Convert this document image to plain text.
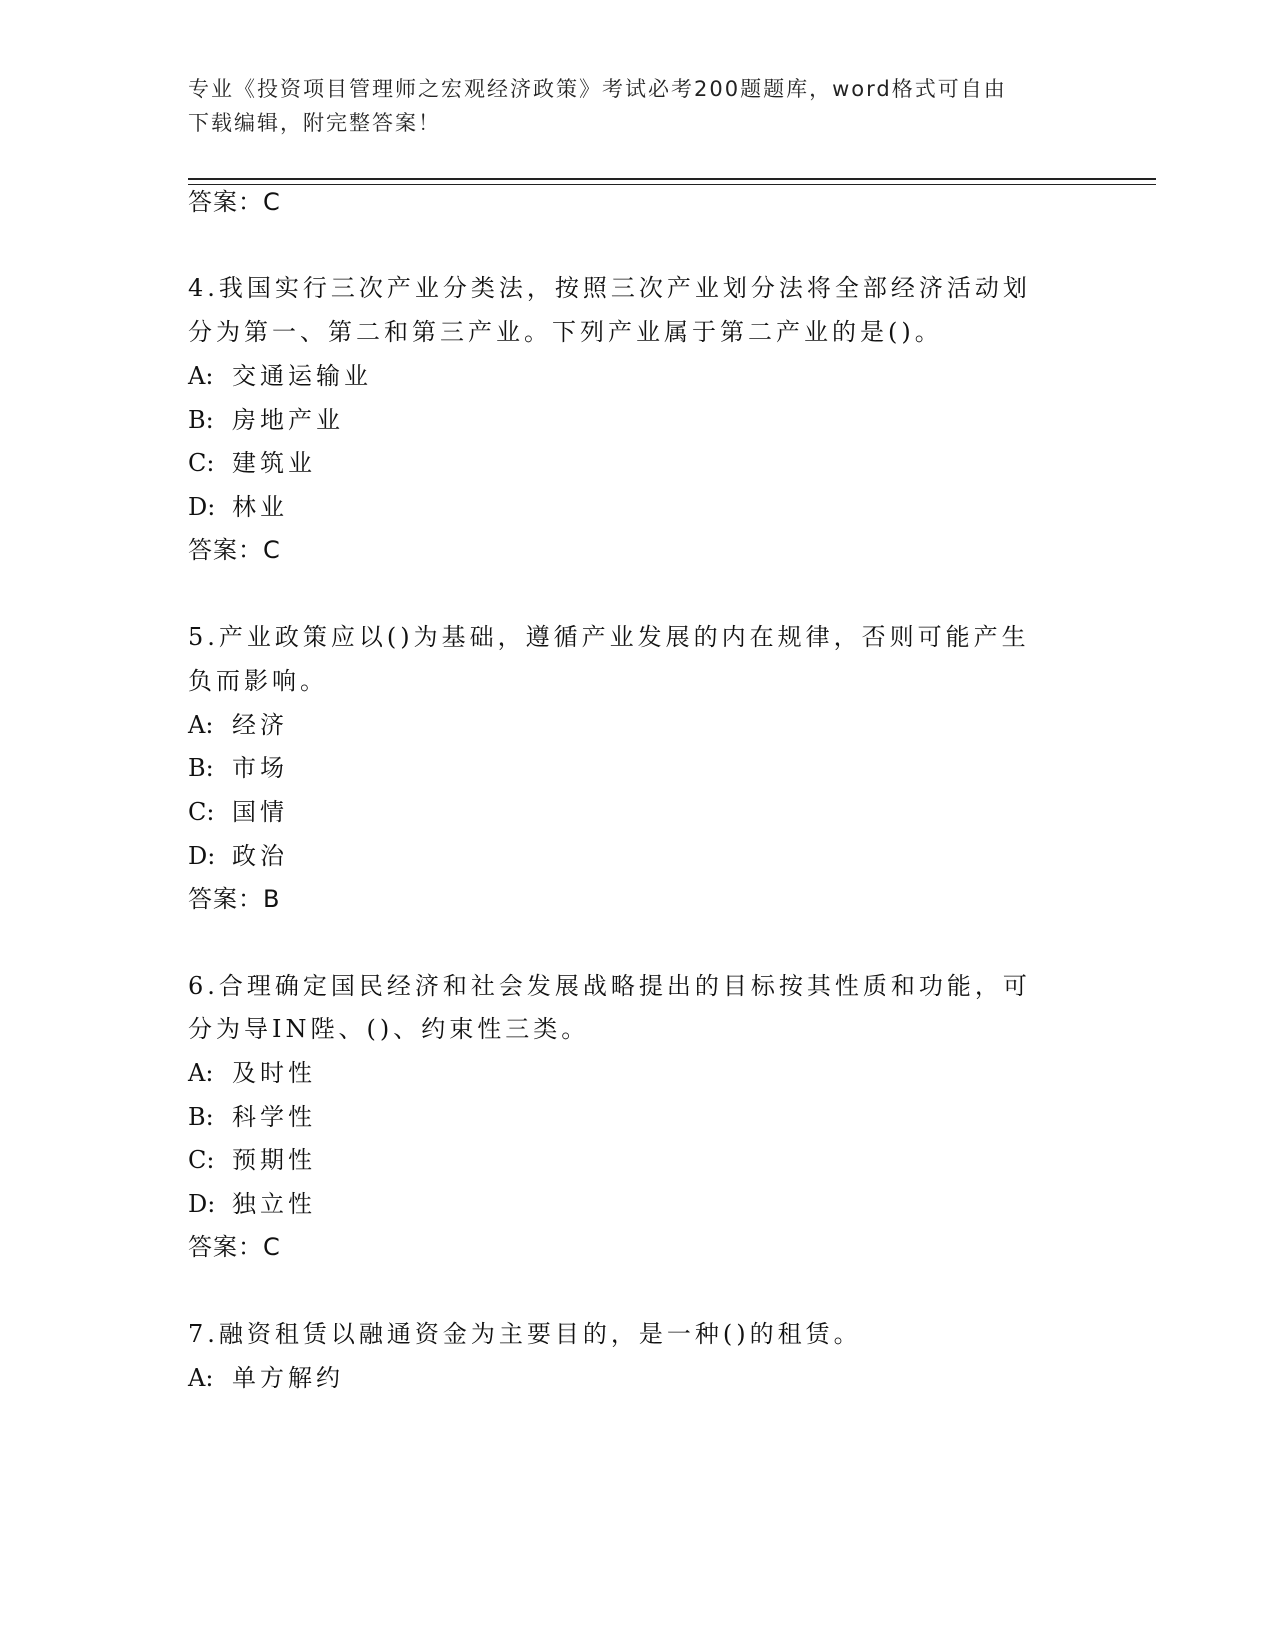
专业《投资项目管理师之宏观经济政策》考试必考200题题库，word格式可自由
下载编辑，附完整答案！
答案：C
4.我国实行三次产业分类法，按照三次产业划分法将全部经济活动划
分为第一、第二和第三产业。下列产业属于第二产业的是()。
A: 交通运输业
B: 房地产业
C: 建筑业
D: 林业
答案：C
5.产业政策应以()为基础，遵循产业发展的内在规律，否则可能产生
负而影响。
A: 经济
B: 市场
C: 国情
D: 政治
答案：B
6.合理确定国民经济和社会发展战略提出的目标按其性质和功能，可
分为导IN陛、()、约束性三类。
A: 及时性
B: 科学性
C: 预期性
D: 独立性
答案：C
7.融资租赁以融通资金为主要目的，是一种()的租赁。
A: 单方解约
